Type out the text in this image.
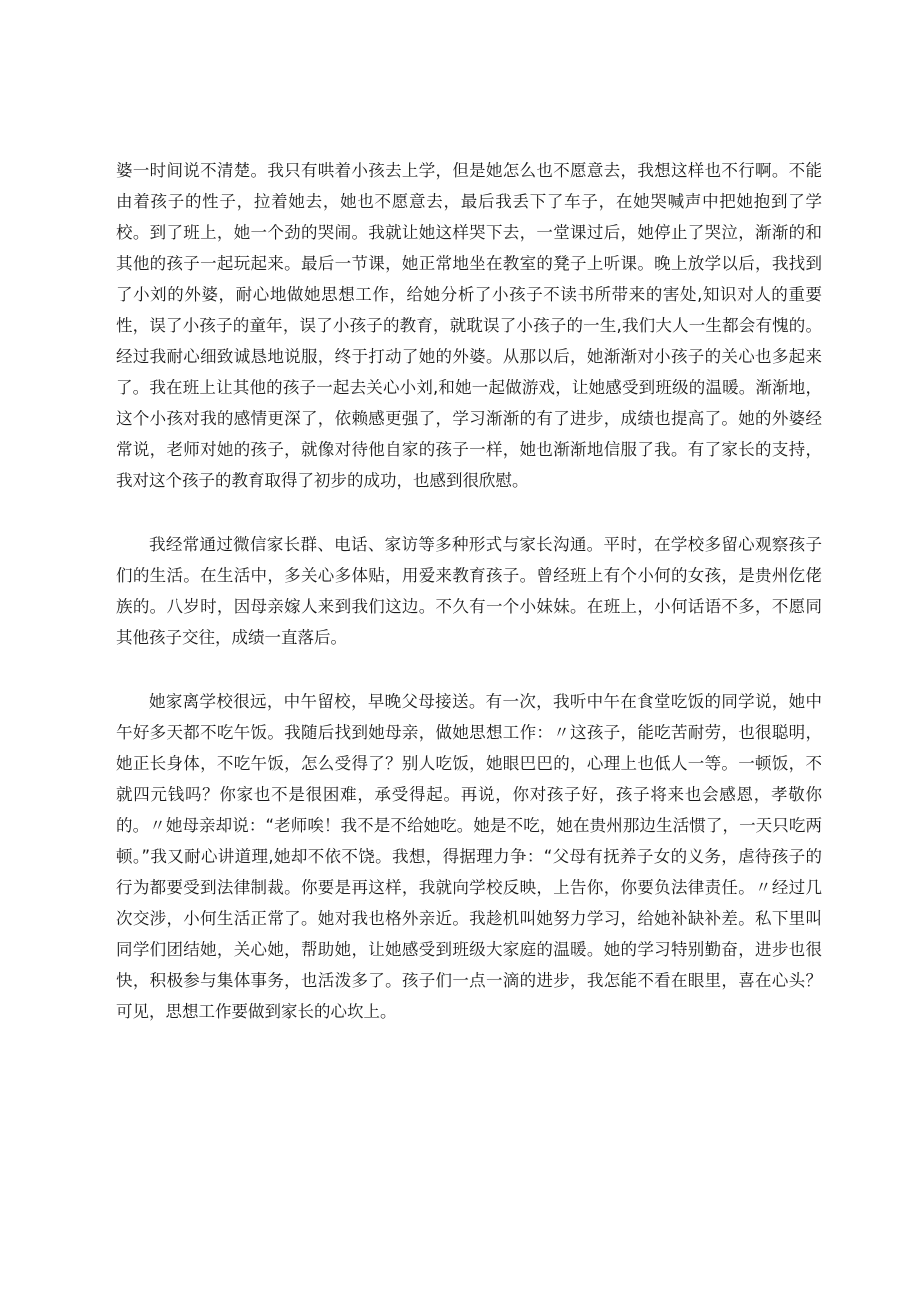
婆一时间说不清楚。我只有哄着小孩去上学，但是她怎么也不愿意去，我想这样也不行啊。不能由着孩子的性子，拉着她去，她也不愿意去，最后我丢下了车子，在她哭喊声中把她抱到了学校。到了班上，她一个劲的哭闹。我就让她这样哭下去，一堂课过后，她停止了哭泣，渐渐的和其他的孩子一起玩起来。最后一节课，她正常地坐在教室的凳子上听课。晚上放学以后，我找到了小刘的外婆，耐心地做她思想工作，给她分析了小孩子不读书所带来的害处,知识对人的重要性，误了小孩子的童年，误了小孩子的教育，就耽误了小孩子的一生,我们大人一生都会有愧的。经过我耐心细致诚恳地说服，终于打动了她的外婆。从那以后，她渐渐对小孩子的关心也多起来了。我在班上让其他的孩子一起去关心小刘,和她一起做游戏，让她感受到班级的温暖。渐渐地，这个小孩对我的感情更深了，依赖感更强了，学习渐渐的有了进步，成绩也提高了。她的外婆经常说，老师对她的孩子，就像对待他自家的孩子一样，她也渐渐地信服了我。有了家长的支持，我对这个孩子的教育取得了初步的成功，也感到很欣慰。

我经常通过微信家长群、电话、家访等多种形式与家长沟通。平时，在学校多留心观察孩子们的生活。在生活中，多关心多体贴，用爱来教育孩子。曾经班上有个小何的女孩，是贵州仡佬族的。八岁时，因母亲嫁人来到我们这边。不久有一个小妹妹。在班上，小何话语不多，不愿同其他孩子交往，成绩一直落后。

她家离学校很远，中午留校，早晚父母接送。有一次，我听中午在食堂吃饭的同学说，她中午好多天都不吃午饭。我随后找到她母亲，做她思想工作：〃这孩子，能吃苦耐劳，也很聪明，她正长身体，不吃午饭，怎么受得了？别人吃饭，她眼巴巴的，心理上也低人一等。一顿饭，不就四元钱吗？你家也不是很困难，承受得起。再说，你对孩子好，孩子将来也会感恩，孝敬你的。〃她母亲却说：“老师唉！我不是不给她吃。她是不吃，她在贵州那边生活惯了，一天只吃两顿。”我又耐心讲道理,她却不依不饶。我想，得据理力争：“父母有抚养子女的义务，虐待孩子的行为都要受到法律制裁。你要是再这样，我就向学校反映，上告你，你要负法律责任。〃经过几次交涉，小何生活正常了。她对我也格外亲近。我趁机叫她努力学习，给她补缺补差。私下里叫同学们团结她，关心她，帮助她，让她感受到班级大家庭的温暖。她的学习特别勤奋，进步也很快，积极参与集体事务，也活泼多了。孩子们一点一滴的进步，我怎能不看在眼里，喜在心头？可见，思想工作要做到家长的心坎上。
